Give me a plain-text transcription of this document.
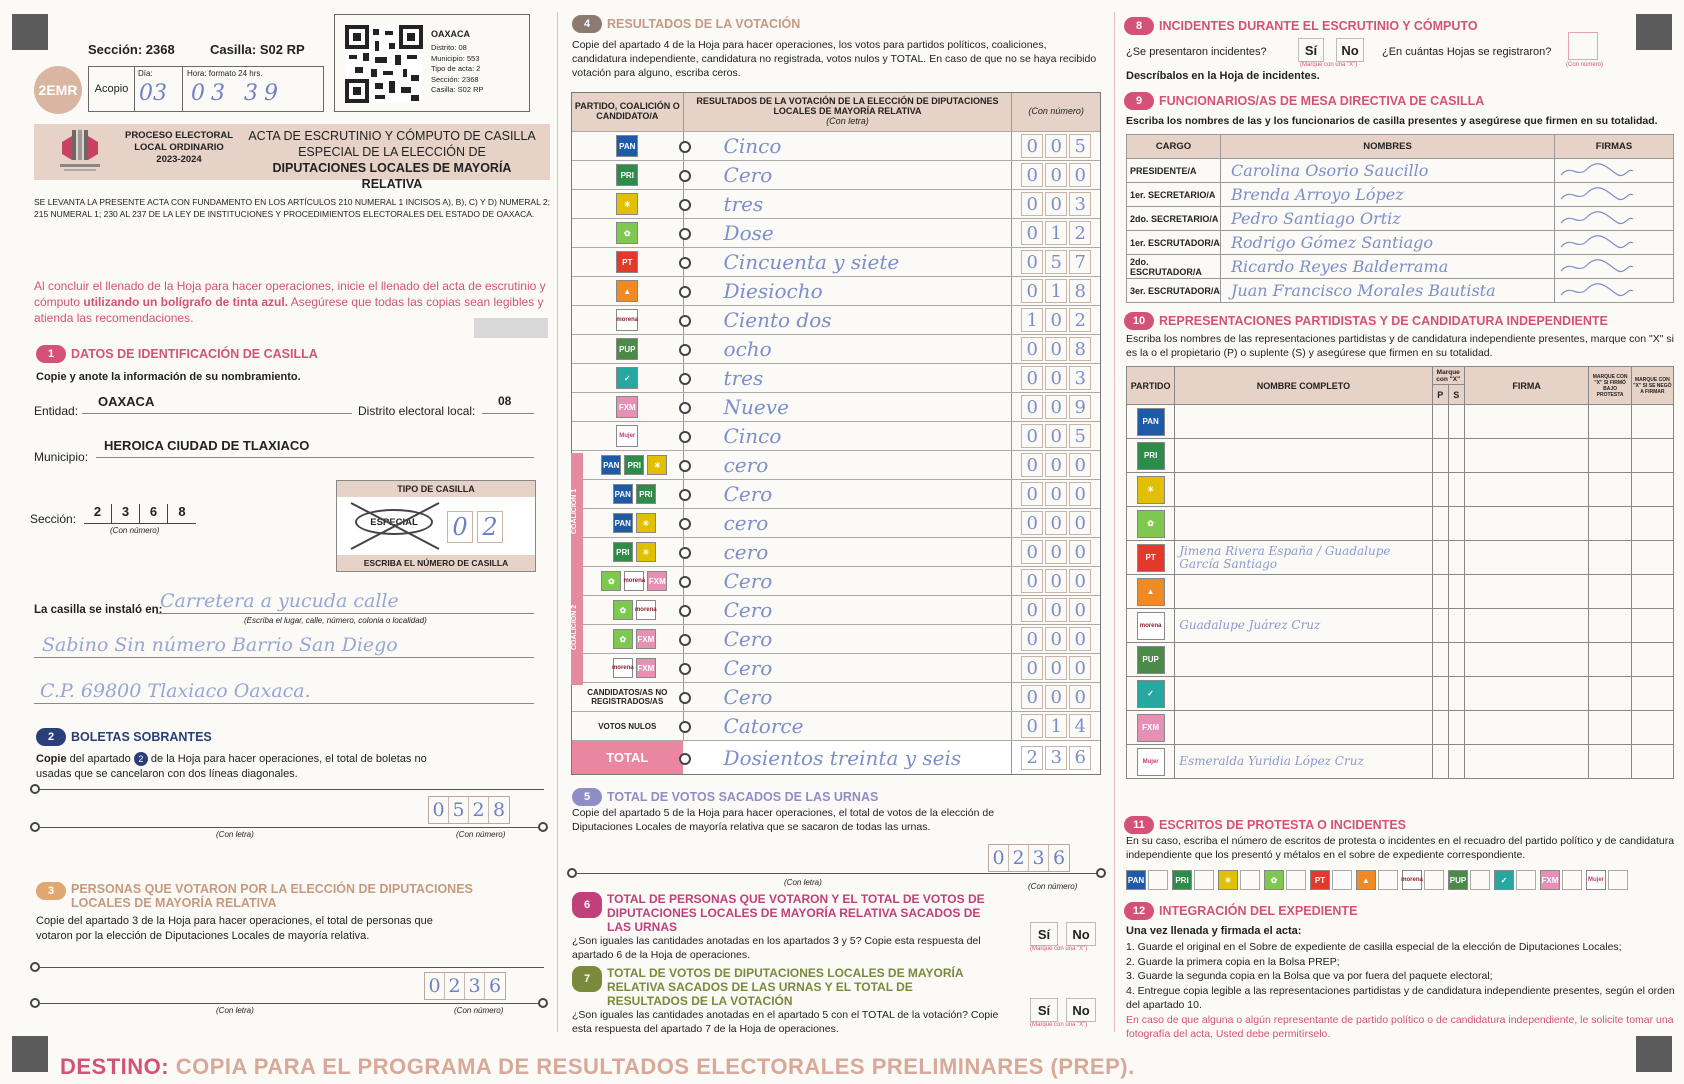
Sección: 2368	Casilla: S02 RP
2EMR	Acopio
Día:
03
Hora: formato 24 hrs.
03 39
OAXACA
Distrito: 08
Municipio: 553
Tipo de acta: 2
Sección: 2368
Casilla: S02 RP
PROCESO ELECTORAL LOCAL ORDINARIO 2023-2024
ACTA DE ESCRUTINIO Y CÓMPUTO DE CASILLA
ESPECIAL DE LA ELECCIÓN DE
DIPUTACIONES LOCALES DE MAYORÍA RELATIVA

SE LEVANTA LA PRESENTE ACTA CON FUNDAMENTO EN LOS ARTÍCULOS 210 NUMERAL 1 INCISOS A), B), C) Y D) NUMERAL 2; 215 NUMERAL 1; 230 AL 237 DE LA LEY DE INSTITUCIONES Y PROCEDIMIENTOS ELECTORALES DEL ESTADO DE OAXACA.

Al concluir el llenado de la Hoja para hacer operaciones, inicie el llenado del acta de escrutinio y cómputo utilizando un bolígrafo de tinta azul. Asegúrese que todas las copias sean legibles y atienda las recomendaciones.

1	DATOS DE IDENTIFICACIÓN DE CASILLA

Copie y anote la información de su nombramiento.

Entidad:
OAXACA
Distrito electoral local:
08
Municipio:
HEROICA CIUDAD DE TLAXIACO
Sección:	2	3	6	8
(Con número)
TIPO DE CASILLA
ESPECIAL 0 2
ESCRIBA EL NÚMERO DE CASILLA
La casilla se instaló en:
Carretera a yucuda calle
(Escriba el lugar, calle, número, colonia o localidad)
Sabino Sin número Barrio San Diego
C.P. 69800 Tlaxiaco Oaxaca.
2	BOLETAS SOBRANTES

Copie del apartado 2 de la Hoja para hacer operaciones, el total de boletas no usadas que se cancelaron con dos líneas diagonales.

0 5 2 8
(Con letra)	(Con número)
3	PERSONAS QUE VOTARON POR LA ELECCIÓN DE DIPUTACIONES LOCALES DE MAYORÍA RELATIVA

Copie del apartado 3 de la Hoja para hacer operaciones, el total de personas que votaron por la elección de Diputaciones Locales de mayoría relativa.

0 2 3 6
(Con letra)	(Con número)
4	RESULTADOS DE LA VOTACIÓN

Copie del apartado 4 de la Hoja para hacer operaciones, los votos para partidos políticos, coaliciones, candidatura independiente, candidatura no registrada, votos nulos y TOTAL. En caso de que no se haya recibido votación para alguno, escriba ceros.

PARTIDO, COALICIÓN O CANDIDATO/A
RESULTADOS DE LA VOTACIÓN DE LA ELECCIÓN DE DIPUTACIONES LOCALES DE MAYORÍA RELATIVA
(Con letra)
(Con número)
PAN	Cinco	0 0 5
PRI	Cero	0 0 0
☀	tres	0 0 3
✿	Dose	0 1 2
PT	Cincuenta y siete	0 5 7
▲	Diesiocho	0 1 8
morena	Ciento dos	1 0 2
PUP	ocho	0 0 8
✓	tres	0 0 3
FXM	Nueve	0 0 9
Mujer	Cinco	0 0 5
PAN	PRI	☀	cero	0 0 0
PAN	PRI	Cero	0 0 0
PAN	☀	cero	0 0 0
PRI	☀	cero	0 0 0
✿	morena FXM	Cero	0 0 0
✿	morena	Cero	0 0 0
✿	FXM	Cero	0 0 0
morena FXM	Cero	0 0 0
CANDIDATOS/AS NO REGISTRADOS/AS	Cero	0 0 0
VOTOS NULOS	Catorce	0 1 4
TOTAL	Dosientos treinta y seis	2 3 6
COALICIÓN 1
COALICIÓN 2
5	TOTAL DE VOTOS SACADOS DE LAS URNAS

Copie del apartado 5 de la Hoja para hacer operaciones, el total de votos de la elección de Diputaciones Locales de mayoría relativa que se sacaron de todas las urnas.

0 2 3 6
(Con letra)	(Con número)
6	TOTAL DE PERSONAS QUE VOTARON Y EL TOTAL DE VOTOS DE DIPUTACIONES LOCALES DE MAYORÍA RELATIVA SACADOS DE LAS URNAS

¿Son iguales las cantidades anotadas en los apartados 3 y 5? Copie esta respuesta del apartado 6 de la Hoja de operaciones.

Sí No
(Marque con una "X")
7	TOTAL DE VOTOS DE DIPUTACIONES LOCALES DE MAYORÍA RELATIVA SACADOS DE LAS URNAS Y EL TOTAL DE RESULTADOS DE LA VOTACIÓN

¿Son iguales las cantidades anotadas en el apartado 5 con el TOTAL de la votación? Copie esta respuesta del apartado 7 de la Hoja de operaciones.

Sí No
(Marque con una "X")
8	INCIDENTES DURANTE EL ESCRUTINIO Y CÓMPUTO
¿Se presentaron incidentes?	Sí No
(Marque con una "X")
¿En cuántas Hojas se registraron?
(Con número)
Descríbalos en la Hoja de incidentes.
9	FUNCIONARIOS/AS DE MESA DIRECTIVA DE CASILLA

Escriba los nombres de las y los funcionarios de casilla presentes y asegúrese que firmen en su totalidad.

CARGO	NOMBRES	FIRMAS
PRESIDENTE/A	Carolina Osorio Saucillo	
1er. SECRETARIO/A	Brenda Arroyo López	
2do. SECRETARIO/A	Pedro Santiago Ortiz	
1er. ESCRUTADOR/A	Rodrigo Gómez Santiago	
2do. ESCRUTADOR/A	Ricardo Reyes Balderrama	
3er. ESCRUTADOR/A	Juan Francisco Morales Bautista	
10	REPRESENTACIONES PARTIDISTAS Y DE CANDIDATURA INDEPENDIENTE

Escriba los nombres de las representaciones partidistas y de candidatura independiente presentes, marque con "X" si es la o el propietario (P) o suplente (S) y asegúrese que firmen en su totalidad.

PARTIDO	NOMBRE COMPLETO	Marque con "X"		FIRMA	MARQUE CON "X" SI FIRMÓ BAJO PROTESTA	MARQUE CON "X" SI SE NEGÓ A FIRMAR
		P	S			
PAN						
PRI						
☀						
✿						
PT	Jimena Rivera España / Guadalupe García Santiago					
▲						
morena	Guadalupe Juárez Cruz					
PUP						
✓						
FXM						
Mujer	Esmeralda Yuridia López Cruz					
11	ESCRITOS DE PROTESTA O INCIDENTES

En su caso, escriba el número de escritos de protesta o incidentes en el recuadro del partido político y de candidatura independiente que los presentó y métalos en el sobre de expediente correspondiente.

PAN	PRI	☀	✿	PT	▲	morena	PUP	✓	FXM	Mujer
12	INTEGRACIÓN DEL EXPEDIENTE

Una vez llenada y firmada el acta:

1. Guarde el original en el Sobre de expediente de casilla especial de la elección de Diputaciones Locales;
2. Guarde la primera copia en la Bolsa PREP;
3. Guarde la segunda copia en la Bolsa que va por fuera del paquete electoral;
4. Entregue copia legible a las representaciones partidistas y de candidatura independiente presentes, según el orden del apartado 10.
En caso de que alguna o algún representante de partido político o de candidatura independiente, le solicite tomar una fotografía del acta, Usted debe permitírselo.
DESTINO: COPIA PARA EL PROGRAMA DE RESULTADOS ELECTORALES PRELIMINARES (PREP).
